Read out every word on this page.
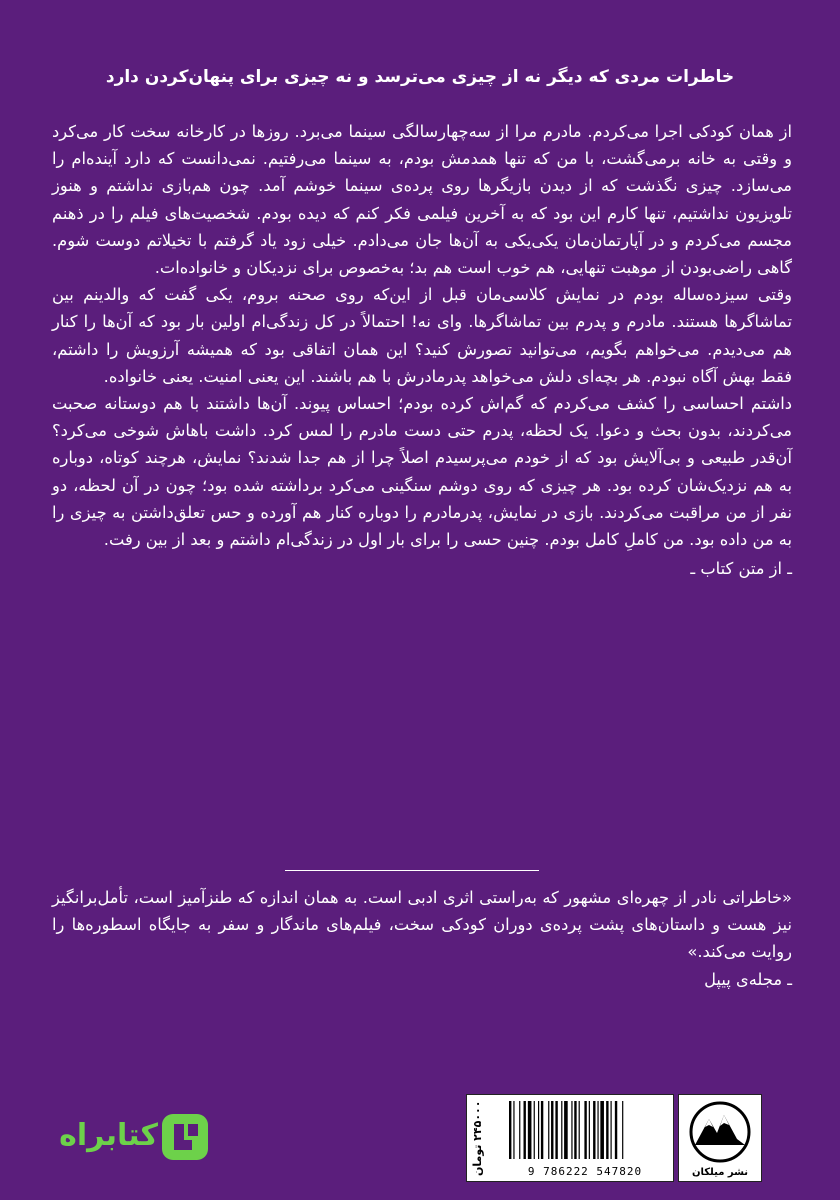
خاطرات مردی که دیگر نه از چیزی می‌ترسد و نه چیزی برای پنهان‌کردن دارد

از همان کودکی اجرا می‌کردم. مادرم مرا از سه‌چهارسالگی سینما می‌برد. روزها در کارخانه سخت کار می‌کرد و وقتی به خانه برمی‌گشت، با من که تنها همدمش بودم، به سینما می‌رفتیم. نمی‌دانست که دارد آینده‌ام را می‌سازد. چیزی نگذشت که از دیدن بازیگرها روی پرده‌ی سینما خوشم آمد. چون هم‌بازی نداشتم و هنوز تلویزیون نداشتیم، تنها کارم این بود که به آخرین فیلمی فکر کنم که دیده بودم. شخصیت‌های فیلم را در ذهنم مجسم می‌کردم و در آپارتمان‌مان یکی‌یکی به آن‌ها جان می‌دادم. خیلی زود یاد گرفتم با تخیلاتم دوست شوم. گاهی راضی‌بودن از موهبت تنهایی، هم خوب است هم بد؛ به‌خصوص برای نزدیکان و خانواده‌ات.

وقتی سیزده‌ساله بودم در نمایش کلاسی‌مان قبل از این‌که روی صحنه بروم، یکی گفت که والدینم بین تماشاگرها هستند. مادرم و پدرم بین تماشاگرها. وای نه! احتمالاً در کل زندگی‌ام اولین بار بود که آن‌ها را کنار هم می‌دیدم. می‌خواهم بگویم، می‌توانید تصورش کنید؟ این همان اتفاقی بود که همیشه آرزویش را داشتم، فقط بهش آگاه نبودم. هر بچه‌ای دلش می‌خواهد پدرمادرش با هم باشند. این یعنی امنیت. یعنی خانواده.

داشتم احساسی را کشف می‌کردم که گم‌اش کرده بودم؛ احساس پیوند. آن‌ها داشتند با هم دوستانه صحبت می‌کردند، بدون بحث و دعوا. یک لحظه، پدرم حتی دست مادرم را لمس کرد. داشت باهاش شوخی می‌کرد؟ آن‌قدر طبیعی و بی‌آلایش بود که از خودم می‌پرسیدم اصلاً چرا از هم جدا شدند؟ نمایش، هرچند کوتاه، دوباره به هم نزدیک‌شان کرده بود. هر چیزی که روی دوشم سنگینی می‌کرد برداشته شده بود؛ چون در آن لحظه، دو نفر از من مراقبت می‌کردند. بازی در نمایش، پدرمادرم را دوباره کنار هم آورده و حس تعلق‌داشتن به چیزی را به من داده بود. من کاملِ کامل بودم. چنین حسی را برای بار اول در زندگی‌ام داشتم و بعد از بین رفت.

ـ از متن کتاب ـ

«خاطراتی نادر از چهره‌ای مشهور که به‌راستی اثری ادبی است. به همان اندازه که طنزآمیز است، تأمل‌برانگیز نیز هست و داستان‌های پشت پرده‌ی دوران کودکی سخت، فیلم‌های ماندگار و سفر به جایگاه اسطوره‌ها را روایت می‌کند.»

ـ مجله‌ی پیپل

نشر میلکان
۲۴۵۰۰۰ تومان
9 786222 547820
کتابراه
